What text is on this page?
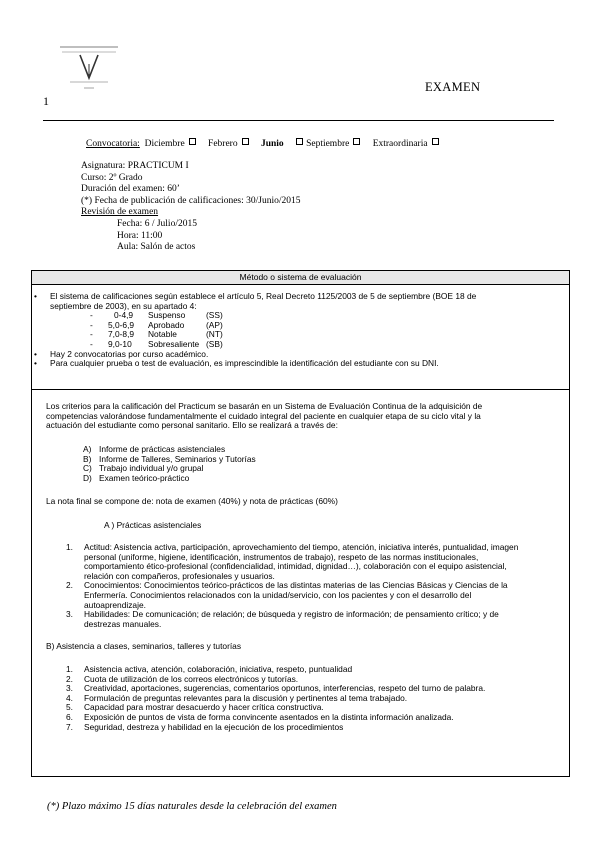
1
EXAMEN
Convocatoria: Diciembre Febrero Junio Septiembre Extraordinaria
Asignatura: PRACTICUM I
Curso: 2º Grado
Duración del examen: 60’
(*) Fecha de publicación de calificaciones: 30/Junio/2015
Revisión de examen
Fecha: 6 / Julio/2015
Hora: 11:00
Aula: Salón de actos
Método o sistema de evaluación
• El sistema de calificaciones según establece el artículo 5, Real Decreto 1125/2003 de 5 de septiembre (BOE 18 de
septiembre de 2003), en su apartado 4:
-	0-4,9 Suspenso (SS)
- 5,0-6,9 Aprobado	(AP)
- 7,0-8,9 Notable	(NT)
- 9,0-10 Sobresaliente (SB)
• Hay 2 convocatorias por curso académico.
• Para cualquier prueba o test de evaluación, es imprescindible la identificación del estudiante con su DNI.
Los criterios para la calificación del Practicum se basarán en un Sistema de Evaluación Continua de la adquisición de
competencias valorándose fundamentalmente el cuidado integral del paciente en cualquier etapa de su ciclo vital y la
actuación del estudiante como personal sanitario. Ello se realizará a través de:
A) Informe de prácticas asistenciales
B) Informe de Talleres, Seminarios y Tutorías
C) Trabajo individual y/o grupal
D) Examen teórico-práctico
La nota final se compone de: nota de examen (40%) y nota de prácticas (60%)
A ) Prácticas asistenciales
1. Actitud: Asistencia activa, participación, aprovechamiento del tiempo, atención, iniciativa interés, puntualidad, imagen
personal (uniforme, higiene, identificación, instrumentos de trabajo), respeto de las normas institucionales,
comportamiento ético-profesional (confidencialidad, intimidad, dignidad…), colaboración con el equipo asistencial,
relación con compañeros, profesionales y usuarios.
2. Conocimientos: Conocimientos teórico-prácticos de las distintas materias de las Ciencias Básicas y Ciencias de la
Enfermería. Conocimientos relacionados con la unidad/servicio, con los pacientes y con el desarrollo del
autoaprendizaje.
3. Habilidades: De comunicación; de relación; de búsqueda y registro de información; de pensamiento crítico; y de
destrezas manuales.
B) Asistencia a clases, seminarios, talleres y tutorías
1. Asistencia activa, atención, colaboración, iniciativa, respeto, puntualidad
2. Cuota de utilización de los correos electrónicos y tutorías.
3. Creatividad, aportaciones, sugerencias, comentarios oportunos, interferencias, respeto del turno de palabra.
4. Formulación de preguntas relevantes para la discusión y pertinentes al tema trabajado.
5. Capacidad para mostrar desacuerdo y hacer crítica constructiva.
6. Exposición de puntos de vista de forma convincente asentados en la distinta información analizada.
7. Seguridad, destreza y habilidad en la ejecución de los procedimientos
(*) Plazo máximo 15 días naturales desde la celebración del examen
